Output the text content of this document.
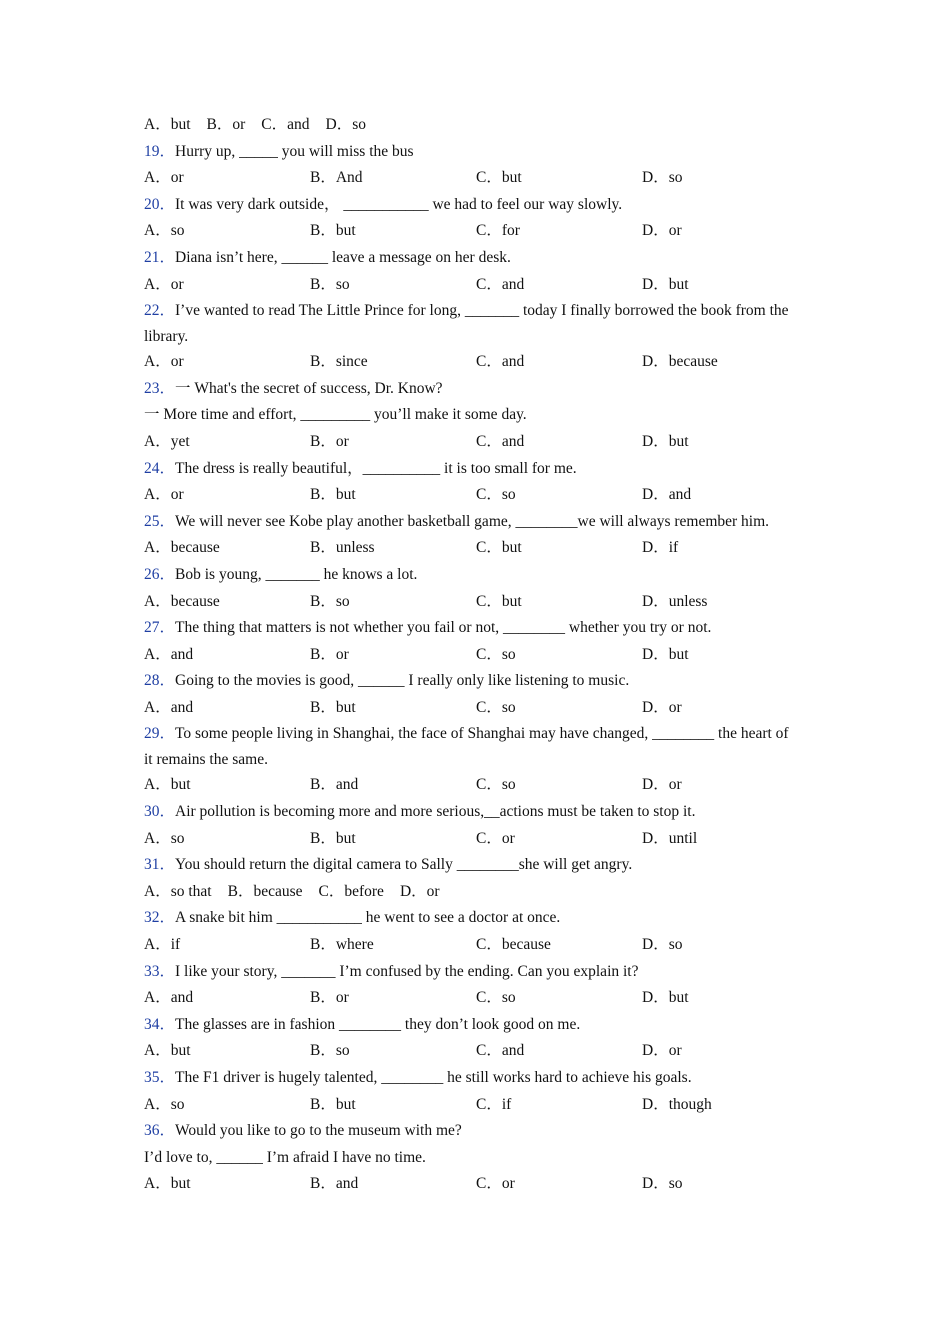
A．but B．or C．and D．so
19．Hurry up, _____ you will miss the bus
A．or	B．And	C．but	D．so
20．It was very dark outside， ___________ we had to feel our way slowly.
A．so	B．but	C．for	D．or
21．Diana isn’t here, ______ leave a message on her desk.
A．or	B．so	C．and	D．but
22．I’ve wanted to read The Little Prince for long, _______ today I finally borrowed the book from the library.
A．or	B．since	C．and	D．because
23．一 What's the secret of success, Dr. Know?
一 More time and effort, _________ you’ll make it some day.
A．yet	B．or	C．and	D．but
24．The dress is really beautiful，__________ it is too small for me.
A．or	B．but	C．so	D．and
25．We will never see Kobe play another basketball game, ________we will always remember him.
A．because	B．unless	C．but	D．if
26．Bob is young, _______ he knows a lot.
A．because	B．so	C．but	D．unless
27．The thing that matters is not whether you fail or not, ________ whether you try or not.
A．and	B．or	C．so	D．but
28．Going to the movies is good, ______ I really only like listening to music.
A．and	B．but	C．so	D．or
29．To some people living in Shanghai, the face of Shanghai may have changed, ________ the heart of it remains the same.
A．but	B．and	C．so	D．or
30．Air pollution is becoming more and more serious,__actions must be taken to stop it.
A．so	B．but	C．or	D．until
31．You should return the digital camera to Sally ________she will get angry.
A．so that B．because C．before D．or
32．A snake bit him ___________ he went to see a doctor at once.
A．if	B．where	C．because	D．so
33．I like your story, _______ I’m confused by the ending. Can you explain it?
A．and	B．or	C．so	D．but
34．The glasses are in fashion ________ they don’t look good on me.
A．but	B．so	C．and	D．or
35．The F1 driver is hugely talented, ________ he still works hard to achieve his goals.
A．so	B．but	C．if	D．though
36．Would you like to go to the museum with me?
I’d love to, ______ I’m afraid I have no time.
A．but	B．and	C．or	D．so
